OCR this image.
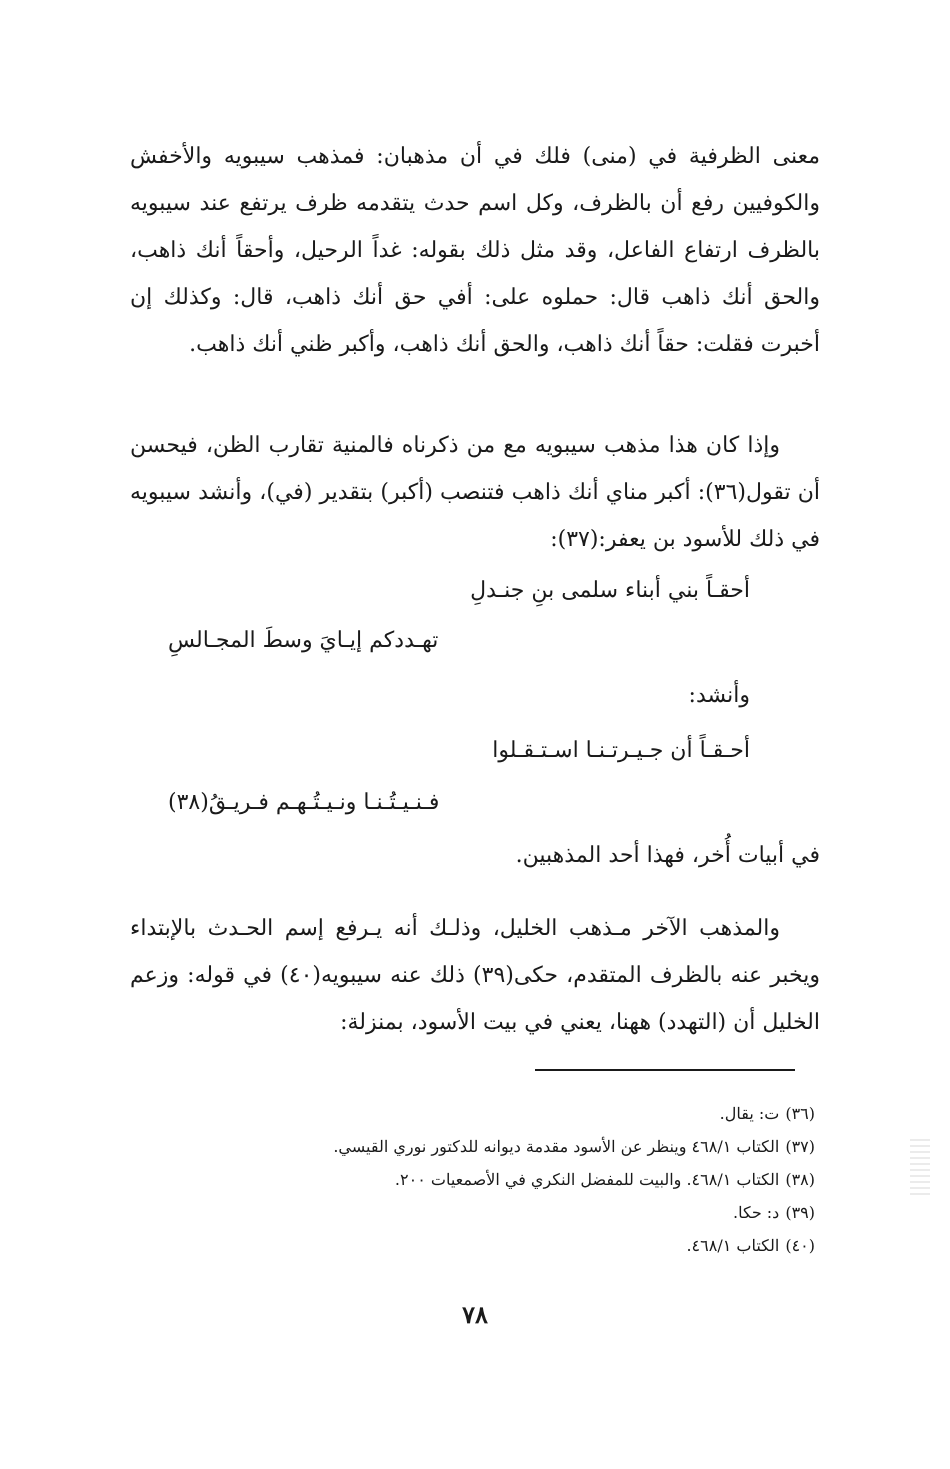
معنى الظرفية في (منى) فلك في أن مذهبان: فمذهب سيبويه والأخفش والكوفيين رفع أن بالظرف، وكل اسم حدث يتقدمه ظرف يرتفع عند سيبويه بالظرف ارتفاع الفاعل، وقد مثل ذلك بقوله: غداً الرحيل، وأحقاً أنك ذاهب، والحق أنك ذاهب قال: حملوه على: أفي حق أنك ذاهب، قال: وكذلك إن أخبرت فقلت: حقاً أنك ذاهب، والحق أنك ذاهب، وأكبر ظني أنك ذاهب.
وإذا كان هذا مذهب سيبويه مع من ذكرناه فالمنية تقارب الظن، فيحسن أن تقول(٣٦): أكبر مناي أنك ذاهب فتنصب (أكبر) بتقدير (في)، وأنشد سيبويه في ذلك للأسود بن يعفر:(٣٧):
أحقـاً بني أبناء سلمى بنِ جنـدلِ
تهـددكم إيـايَ وسطَ المجـالسِ
وأنشد:
أحـقـاً أن جـيـرتـنـا اسـتـقـلوا
فـنـيـتُـنـا ونـيـتُـهـم فـريـقُ(٣٨)
في أبيات أُخر، فهذا أحد المذهبين.
والمذهب الآخر مـذهب الخليل، وذلـك أنه يـرفع إسم الحـدث بالإبتداء ويخبر عنه بالظرف المتقدم، حكى(٣٩) ذلك عنه سيبويه(٤٠) في قوله: وزعم الخليل أن (التهدد) ههنا، يعني في بيت الأسود، بمنزلة:
(٣٦)ت: يقال.
(٣٧)الكتاب ٤٦٨/١ وينظر عن الأسود مقدمة ديوانه للدكتور نوري القيسي.
(٣٨)الكتاب ٤٦٨/١. والبيت للمفضل النكري في الأصمعيات ٢٠٠.
(٣٩)د: حكا.
(٤٠)الكتاب ٤٦٨/١.
٧٨
